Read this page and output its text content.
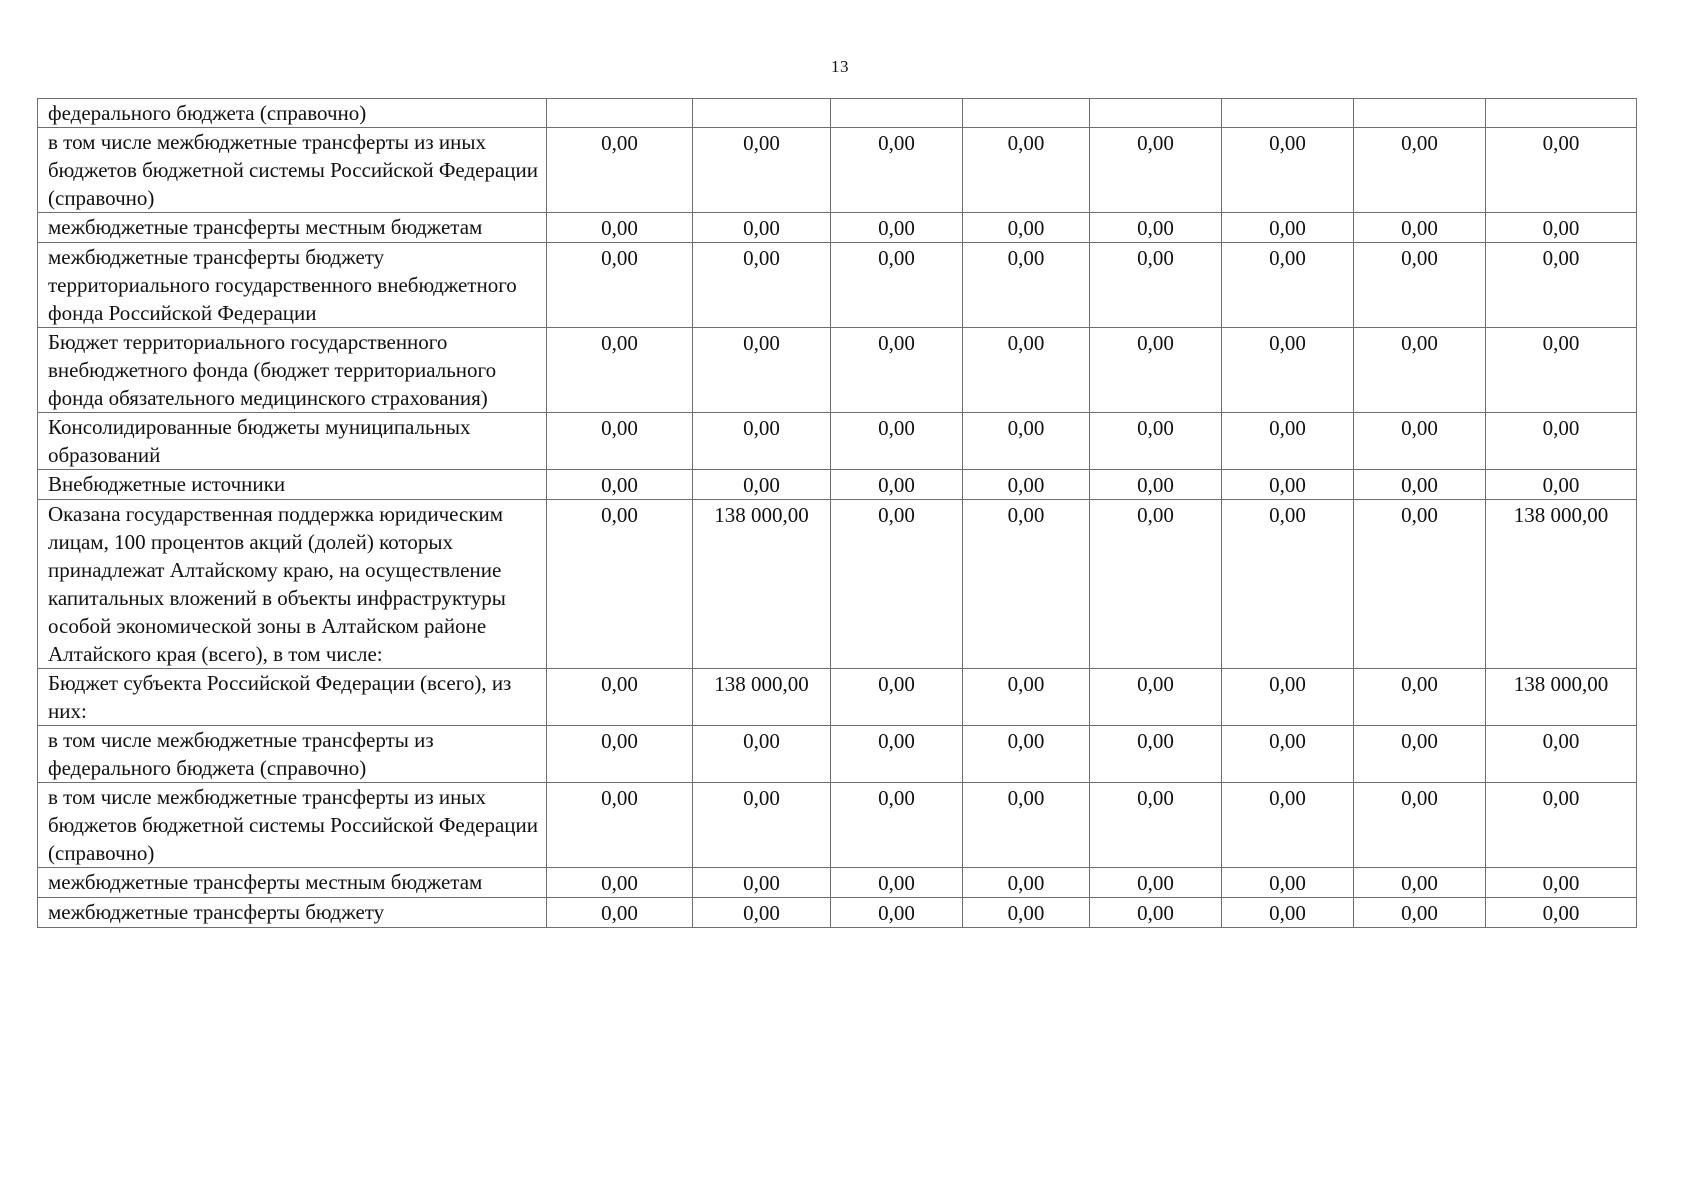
13
федерального бюджета (справочно)								
в том числе межбюджетные трансферты из иных бюджетов бюджетной системы Российской Федерации (справочно)	0,00	0,00	0,00	0,00	0,00	0,00	0,00	0,00
межбюджетные трансферты местным бюджетам	0,00	0,00	0,00	0,00	0,00	0,00	0,00	0,00
межбюджетные трансферты бюджету территориального государственного внебюджетного фонда Российской Федерации	0,00	0,00	0,00	0,00	0,00	0,00	0,00	0,00
Бюджет территориального государственного внебюджетного фонда (бюджет территориального фонда обязательного медицинского страхования)	0,00	0,00	0,00	0,00	0,00	0,00	0,00	0,00
Консолидированные бюджеты муниципальных образований	0,00	0,00	0,00	0,00	0,00	0,00	0,00	0,00
Внебюджетные источники	0,00	0,00	0,00	0,00	0,00	0,00	0,00	0,00
Оказана государственная поддержка юридическим лицам, 100 процентов акций (долей) которых принадлежат Алтайскому краю, на осуществление капитальных вложений в объекты инфраструктуры особой экономической зоны в Алтайском районе Алтайского края (всего), в том числе:	0,00	138 000,00	0,00	0,00	0,00	0,00	0,00	138 000,00
Бюджет субъекта Российской Федерации (всего), из них:	0,00	138 000,00	0,00	0,00	0,00	0,00	0,00	138 000,00
в том числе межбюджетные трансферты из федерального бюджета (справочно)	0,00	0,00	0,00	0,00	0,00	0,00	0,00	0,00
в том числе межбюджетные трансферты из иных бюджетов бюджетной системы Российской Федерации (справочно)	0,00	0,00	0,00	0,00	0,00	0,00	0,00	0,00
межбюджетные трансферты местным бюджетам	0,00	0,00	0,00	0,00	0,00	0,00	0,00	0,00
межбюджетные трансферты бюджету	0,00	0,00	0,00	0,00	0,00	0,00	0,00	0,00
